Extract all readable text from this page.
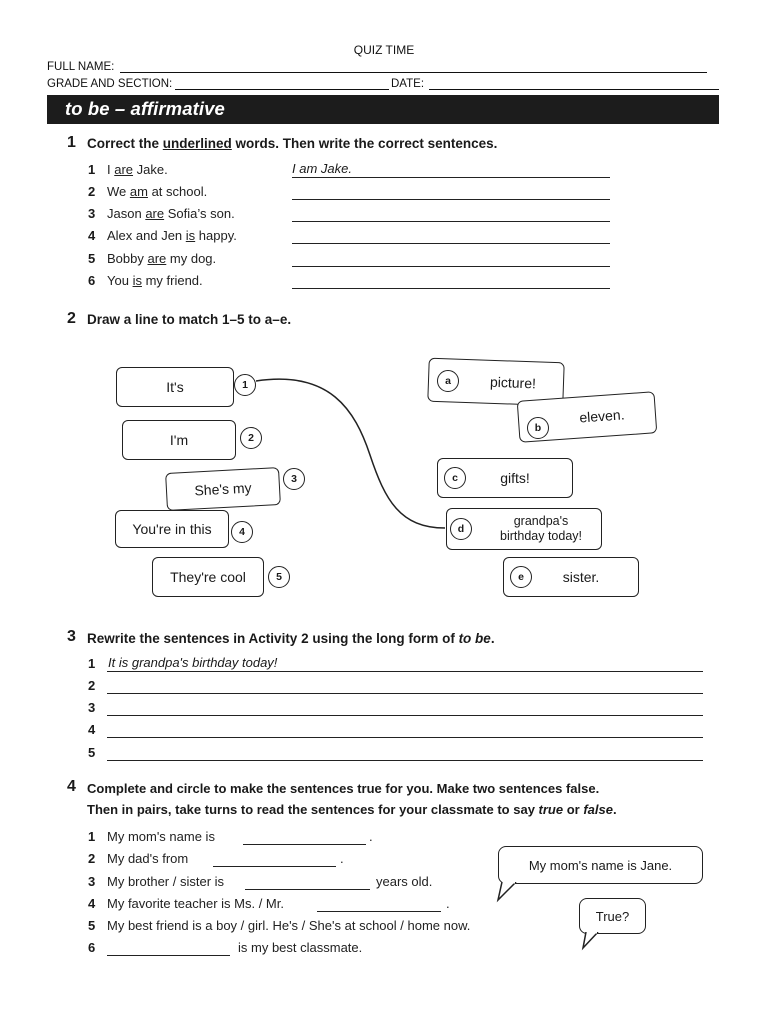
QUIZ TIME
FULL NAME:
GRADE AND SECTION:	DATE:
to be – affirmative
1 Correct the underlined words. Then write the correct sentences.
1 I are Jake.	I am Jake.
2 We am at school.
3 Jason are Sofia’s son.
4 Alex and Jen is happy.
5 Bobby are my dog.
6 You is my friend.
2 Draw a line to match 1–5 to a–e.
It's	1
I'm	2
She's my
3
You're in this	4
They're cool	5
picture!
a
eleven.
b
gifts!
c
grandpa's
birthday today!
d
sister.
e
3 Rewrite the sentences in Activity 2 using the long form of to be.
1 It is grandpa's birthday today!
2
3
4
5
4 Complete and circle to make the sentences true for you. Make two sentences false.
Then in pairs, take turns to read the sentences for your classmate to say true or false.
1 My mom's name is	.
2 My dad's from	.
3 My brother / sister is	years old.
4 My favorite teacher is Ms. / Mr.	.
5 My best friend is a boy / girl. He's / She's at school / home now.
6	is my best classmate.
My mom's name is Jane.
True?
